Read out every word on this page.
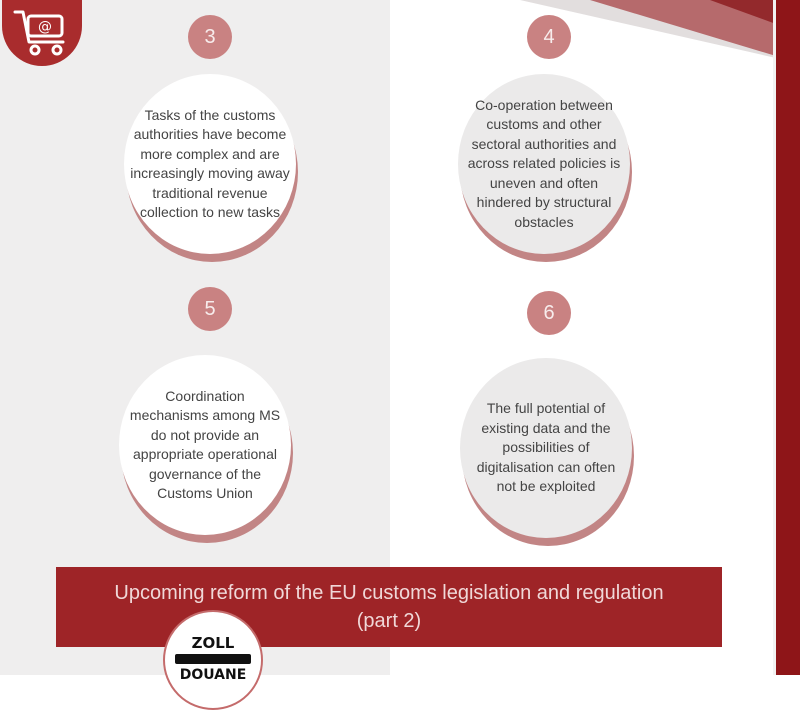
@	3
Tasks of the customs authorities have become more complex and are increasingly moving away traditional revenue collection to new tasks
4
Co-operation between customs and other sectoral authorities and across related policies is uneven and often hindered by structural obstacles
5
Coordination mechanisms among MS do not provide an appropriate operational governance of the Customs Union
6
The full potential of existing data and the possibilities of digitalisation can often not be exploited
Upcoming reform of the EU customs legislation and regulation
(part 2)
ZOLL
DOUANE
